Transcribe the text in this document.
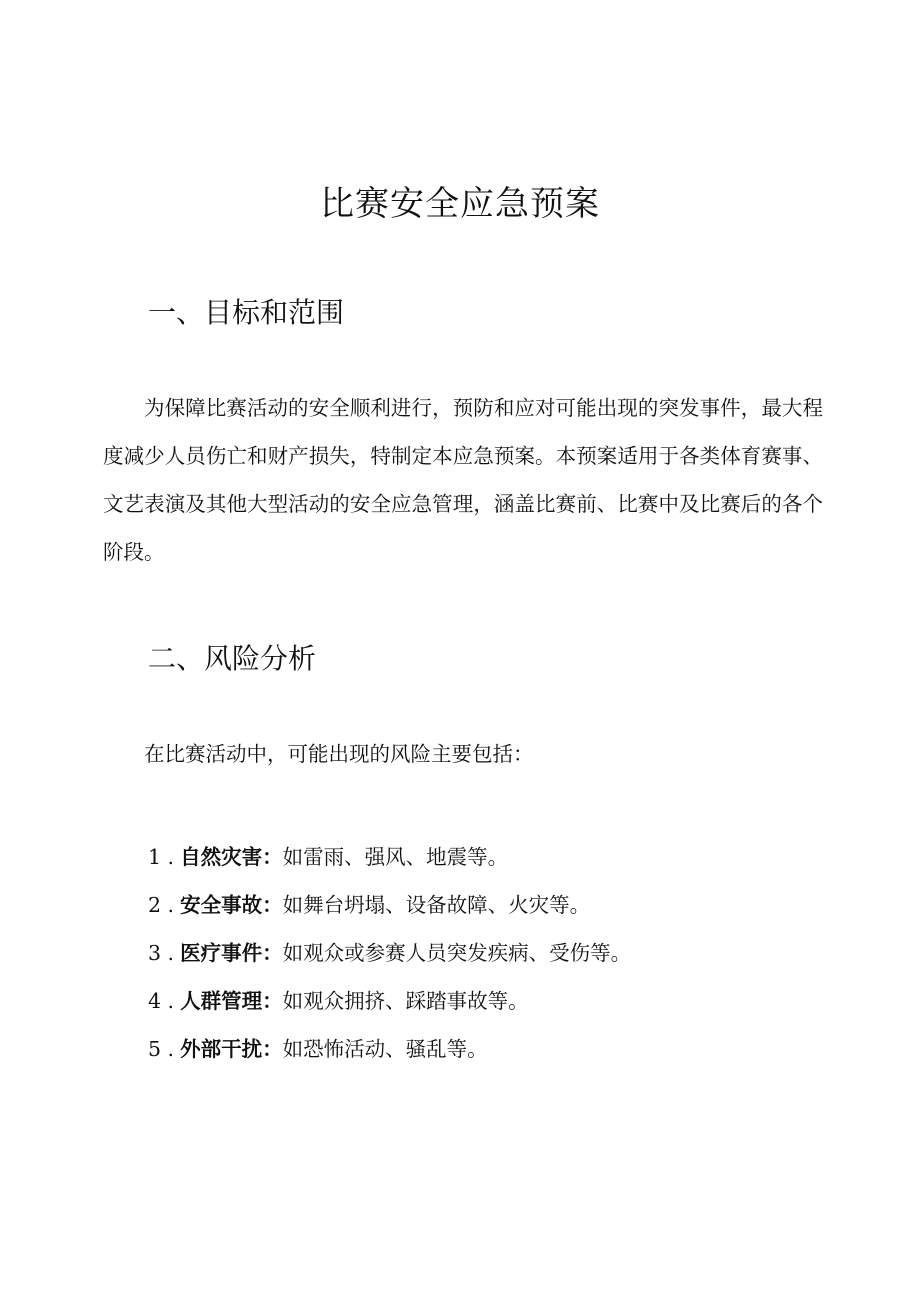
比赛安全应急预案
一、目标和范围

为保障比赛活动的安全顺利进行，预防和应对可能出现的突发事件，最大程度减少人员伤亡和财产损失，特制定本应急预案。本预案适用于各类体育赛事、文艺表演及其他大型活动的安全应急管理，涵盖比赛前、比赛中及比赛后的各个阶段。

二、风险分析

在比赛活动中，可能出现的风险主要包括：

1 . 自然灾害：如雷雨、强风、地震等。
2 . 安全事故：如舞台坍塌、设备故障、火灾等。
3 . 医疗事件：如观众或参赛人员突发疾病、受伤等。
4 . 人群管理：如观众拥挤、踩踏事故等。
5 . 外部干扰：如恐怖活动、骚乱等。
